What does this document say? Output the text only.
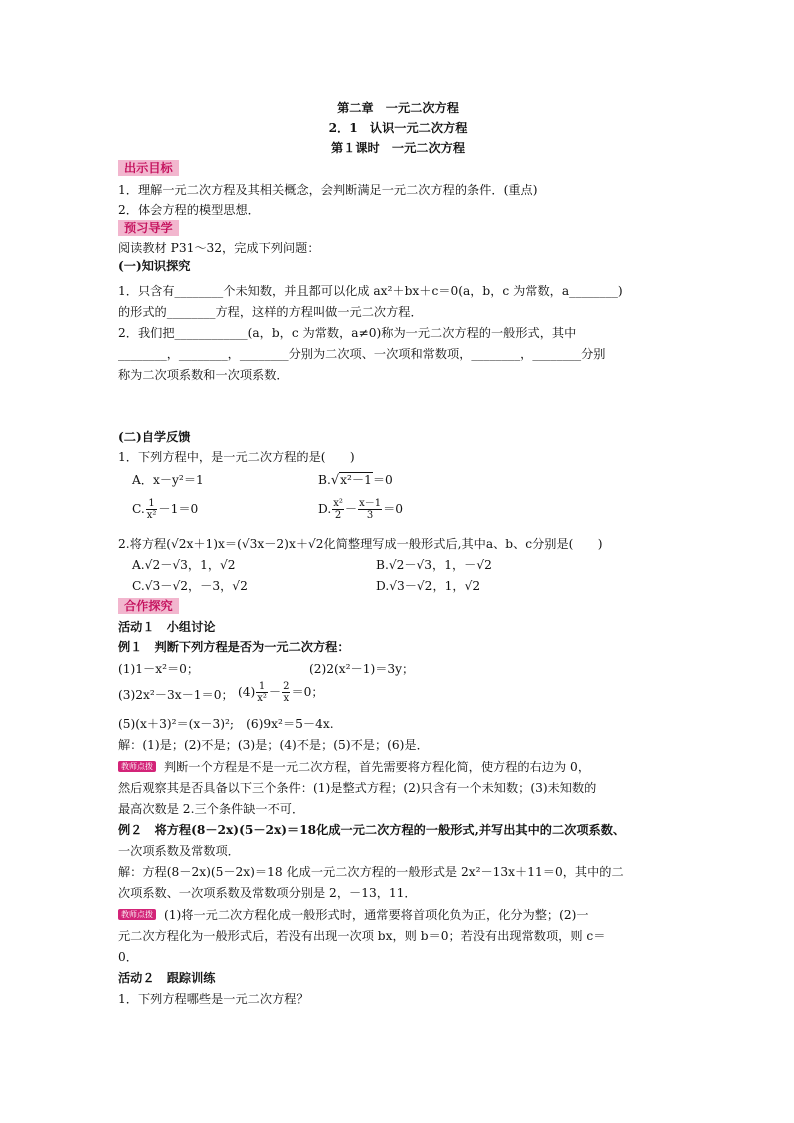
第二章　一元二次方程
2．1　认识一元二次方程
第１课时　一元二次方程
出示目标
1．理解一元二次方程及其相关概念，会判断满足一元二次方程的条件．(重点)
2．体会方程的模型思想．
预习导学
阅读教材 P31～32，完成下列问题：
(一)知识探究
1．只含有________个未知数，并且都可以化成 ax²＋bx＋c＝0(a，b，c 为常数，a________)
的形式的________方程，这样的方程叫做一元二次方程．
2．我们把____________(a，b，c 为常数，a≠0)称为一元二次方程的一般形式，其中
________，________，________分别为二次项、一次项和常数项，________，________分别
称为二次项系数和一次项系数．
(二)自学反馈
1．下列方程中，是一元二次方程的是(　　)
A．x－y²＝1	B.√x²－1＝0
C. $\frac{1}{\text{x²}} -1=0$	D. $\frac{\text{x²}}{2} - \frac{x-1}{3} =0$
2.将方程(√2x＋1)x＝(√3x－2)x＋√2化简整理写成一般形式后,其中a、b、c分别是(　　)
A.√2－√3，1，√2	B.√2－√3，1，－√2
C.√3－√2，－3，√2	D.√3－√2，1，√2
合作探究
活动１　小组讨论
例１　判断下列方程是否为一元二次方程：
(1)1－x²＝0；	(2)2(x²－1)＝3y；
(3)2x²－3x－1＝0； $(4) \frac{1}{\text{x²}} - \frac{2}{x} =0$；
(5)(x＋3)²＝(x－3)²;　(6)9x²＝5－4x.
解：(1)是；(2)不是；(3)是；(4)不是；(5)不是；(6)是．
教师点拨 判断一个方程是不是一元二次方程，首先需要将方程化简，使方程的右边为 0，
然后观察其是否具备以下三个条件：(1)是整式方程；(2)只含有一个未知数；(3)未知数的
最高次数是 2.三个条件缺一不可．
例２　将方程(8－2x)(5－2x)＝18化成一元二次方程的一般形式,并写出其中的二次项系数、
一次项系数及常数项．
解：方程(8－2x)(5－2x)＝18 化成一元二次方程的一般形式是 2x²－13x＋11＝0，其中的二
次项系数、一次项系数及常数项分别是 2，－13，11．
教师点拨 (1)将一元二次方程化成一般形式时，通常要将首项化负为正，化分为整；(2)一
元二次方程化为一般形式后，若没有出现一次项 bx，则 b＝0；若没有出现常数项，则 c＝
0．
活动２　跟踪训练
1．下列方程哪些是一元二次方程？
